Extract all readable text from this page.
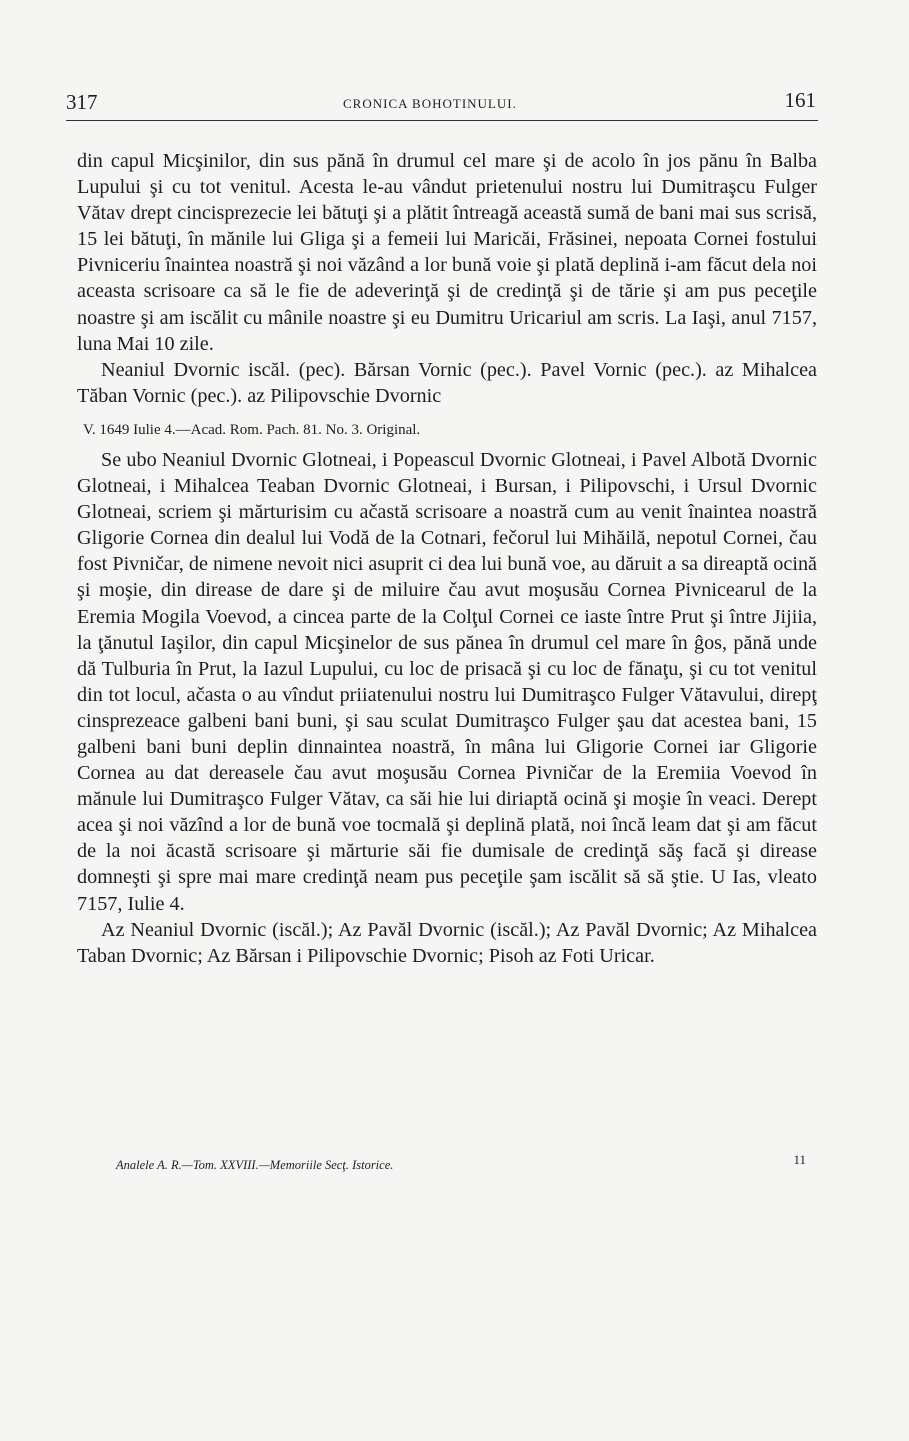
317	CRONICA BOHOTINULUI.	161

din capul Micşinilor, din sus pănă în drumul cel mare şi de acolo în jos pănu în Balba Lupului şi cu tot venitul. Acesta le-au vândut prietenului nostru lui Dumitraşcu Fulger Vătav drept cincisprezecie lei bătuţi şi a plătit întreagă această sumă de bani mai sus scrisă, 15 lei bătuţi, în mănile lui Gliga şi a femeii lui Maricăi, Frăsinei, nepoata Cornei fostului Pivniceriu înaintea noastră şi noi văzând a lor bună voie şi plată deplină i-am făcut dela noi aceasta scrisoare ca să le fie de adeverinţă şi de credinţă şi de tărie şi am pus peceţile noastre şi am iscălit cu mânile noastre şi eu Dumitru Uricariul am scris. La Iaşi, anul 7157, luna Mai 10 zile.

Neaniul Dvornic iscăl. (pec). Bărsan Vornic (pec.). Pavel Vornic (pec.). az Mihalcea Tăban Vornic (pec.). az Pilipovschie Dvornic

V. 1649 Iulie 4.—Acad. Rom. Pach. 81. No. 3. Original.

Se ubo Neaniul Dvornic Glotneai, i Popeascul Dvornic Glotneai, i Pavel Albotă Dvornic Glotneai, i Mihalcea Teaban Dvornic Glotneai, i Bursan, i Pilipovschi, i Ursul Dvornic Glotneai, scriem şi mărturisim cu ačastă scrisoare a noastră cum au venit înaintea noastră Gligorie Cornea din dealul lui Vodă de la Cotnari, fečorul lui Mihăilă, nepotul Cornei, čau fost Pivničar, de nimene nevoit nici asuprit ci dea lui bună voe, au dăruit a sa direaptă ocină şi moşie, din direase de dare şi de miluire čau avut moşusău Cornea Pivnicearul de la Eremia Mogila Voevod, a cincea parte de la Colţul Cornei ce iaste între Prut şi între Jijiia, la ţănutul Iaşilor, din capul Micşinelor de sus pănea în drumul cel mare în ĝos, pănă unde dă Tulburia în Prut, la Iazul Lupului, cu loc de prisacă şi cu loc de fănaţu, şi cu tot venitul din tot locul, ačasta o au vîndut priiatenului nostru lui Dumitraşco Fulger Vătavului, direpţ cinsprezeace galbeni bani buni, şi sau sculat Dumitraşco Fulger şau dat acestea bani, 15 galbeni bani buni deplin dinnaintea noastră, în mâna lui Gligorie Cornei iar Gligorie Cornea au dat dereasele čau avut moşusău Cornea Pivničar de la Eremiia Voevod în mănule lui Dumitraşco Fulger Vătav, ca săi hie lui diriaptă ocină şi moşie în veaci. Derept acea şi noi văzînd a lor de bună voe tocmală şi deplină plată, noi încă leam dat şi am făcut de la noi ăcastă scrisoare şi mărturie săi fie dumisale de credinţă săş facă şi direase domneşti şi spre mai mare credinţă neam pus peceţile şam iscălit să să ştie. U Ias, vleato 7157, Iulie 4.

Az Neaniul Dvornic (iscăl.); Az Pavăl Dvornic (iscăl.); Az Pavăl Dvornic; Az Mihalcea Taban Dvornic; Az Bărsan i Pilipovschie Dvornic; Pisoh az Foti Uricar.

Analele A. R.—Tom. XXVIII.—Memoriile Secţ. Istorice.	11
